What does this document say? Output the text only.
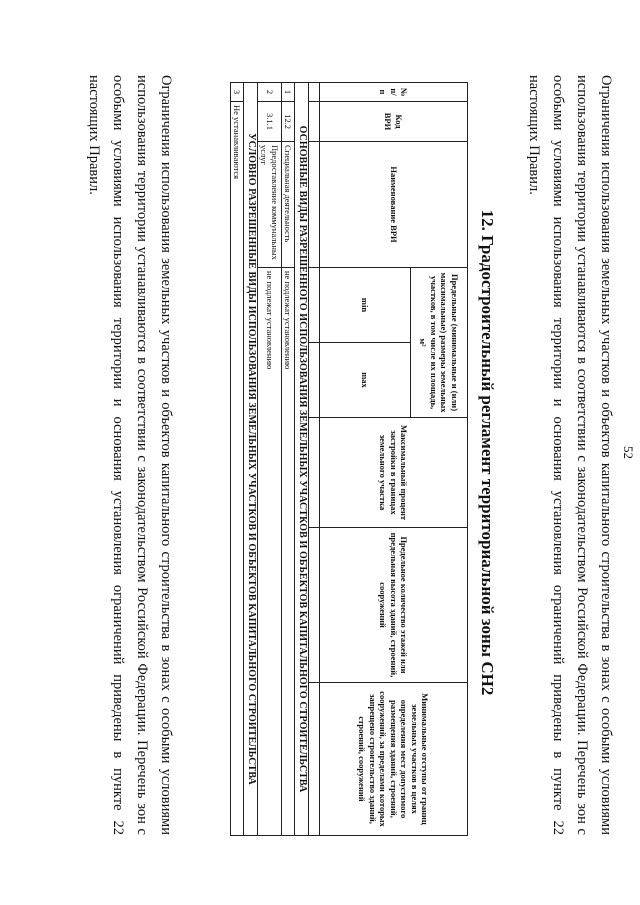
52

Ограничения использования земельных участков и объектов капитального строительства в зонах с особыми условиями использования территории устанавливаются в соответствии с законодательством Российской Федерации. Перечень зон с особыми условиями использования территории и основания установления ограничений приведены в пункте 22 настоящих Правил.

12. Градостроительный регламент территориальной зоны СН2
№ п/п	Код ВРИ	Наименование ВРИ	Предельные (минимальные и (или) максимальные) размеры земельных участков, в том числе их площадь, м²		Максимальный процент застройки в границах земельного участка	Предельное количество этажей или предельная высота зданий, строений, сооружений	Минимальные отступы от границ земельных участков в целях определения мест допустимого размещения зданий, строений, сооружений, за пределами которых запрещено строительство зданий, строений, сооружений
			min	max			

ОСНОВНЫЕ ВИДЫ РАЗРЕШЕННОГО ИСПОЛЬЗОВАНИЯ ЗЕМЕЛЬНЫХ УЧАСТКОВ И ОБЪЕКТОВ КАПИТАЛЬНОГО СТРОИТЕЛЬСТВА							
1	12.2	Специальная деятельность	не подлежат установлению				
2	3.1.1	Предоставление коммунальных услуг	не подлежат установлению				
УСЛОВНО РАЗРЕШЕННЫЕ ВИДЫ ИСПОЛЬЗОВАНИЯ ЗЕМЕЛЬНЫХ УЧАСТКОВ И ОБЪЕКТОВ КАПИТАЛЬНОГО СТРОИТЕЛЬСТВА							
3	Не устанавливаются						

Ограничения использования земельных участков и объектов капитального строительства в зонах с особыми условиями использования территории устанавливаются в соответствии с законодательством Российской Федерации. Перечень зон с особыми условиями использования территории и основания установления ограничений приведены в пункте 22 настоящих Правил.
